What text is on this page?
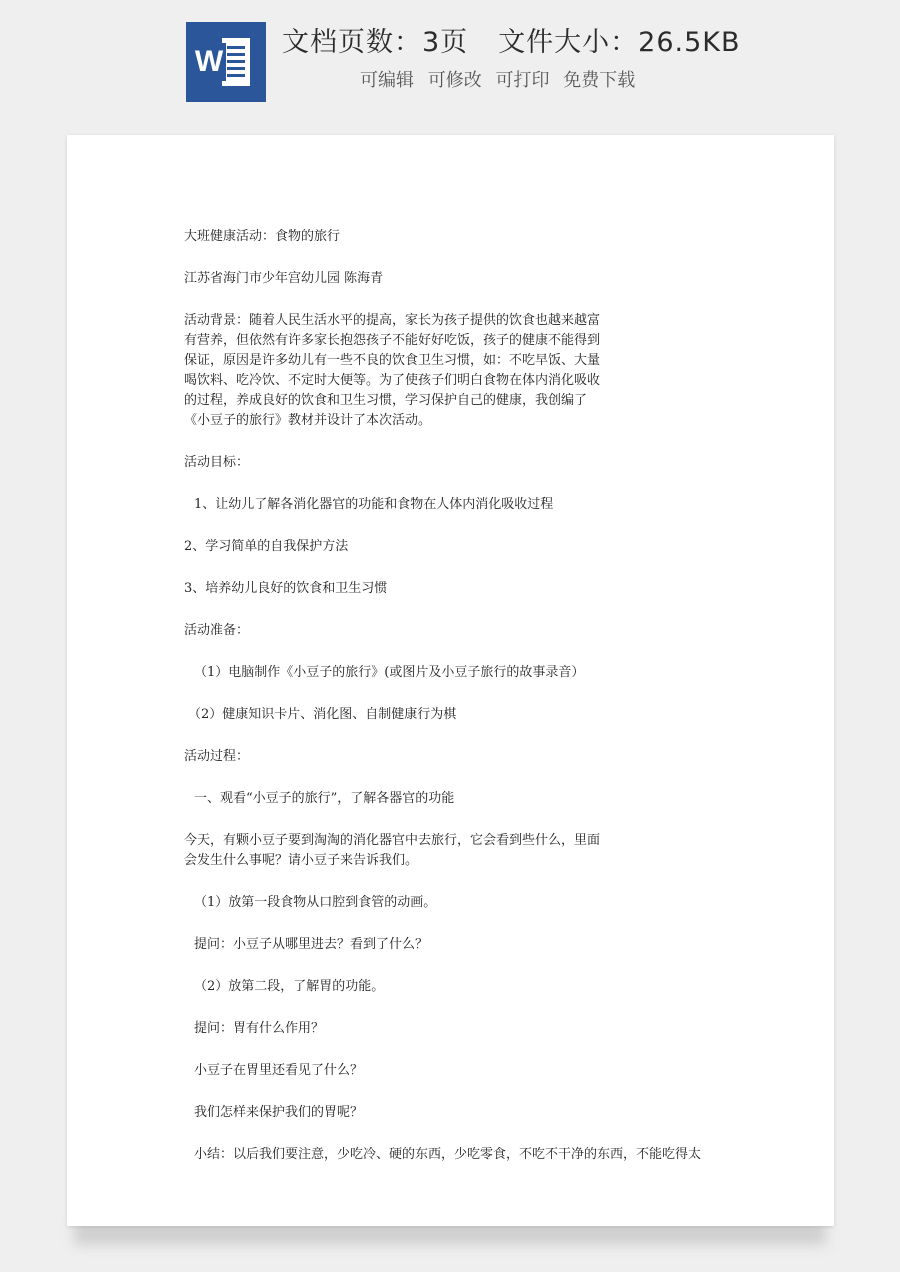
W
文档页数：3页 文件大小：26.5KB
可编辑 可修改 可打印 免费下载

大班健康活动：食物的旅行

江苏省海门市少年宫幼儿园 陈海青

活动背景：随着人民生活水平的提高，家长为孩子提供的饮食也越来越富有营养，但依然有许多家长抱怨孩子不能好好吃饭，孩子的健康不能得到保证，原因是许多幼儿有一些不良的饮食卫生习惯，如：不吃早饭、大量喝饮料、吃冷饮、不定时大便等。为了使孩子们明白食物在体内消化吸收的过程，养成良好的饮食和卫生习惯，学习保护自己的健康，我创编了《小豆子的旅行》教材并设计了本次活动。

活动目标：

1、让幼儿了解各消化器官的功能和食物在人体内消化吸收过程

2、学习简单的自我保护方法

3、培养幼儿良好的饮食和卫生习惯

活动准备：

（1）电脑制作《小豆子的旅行》(或图片及小豆子旅行的故事录音）

（2）健康知识卡片、消化图、自制健康行为棋

活动过程：

一、观看“小豆子的旅行”，了解各器官的功能

今天，有颗小豆子要到淘淘的消化器官中去旅行，它会看到些什么，里面会发生什么事呢？请小豆子来告诉我们。

（1）放第一段食物从口腔到食管的动画。

提问：小豆子从哪里进去？看到了什么？

（2）放第二段，了解胃的功能。

提问：胃有什么作用？

小豆子在胃里还看见了什么？

我们怎样来保护我们的胃呢？

小结：以后我们要注意，少吃冷、硬的东西，少吃零食，不吃不干净的东西，不能吃得太
